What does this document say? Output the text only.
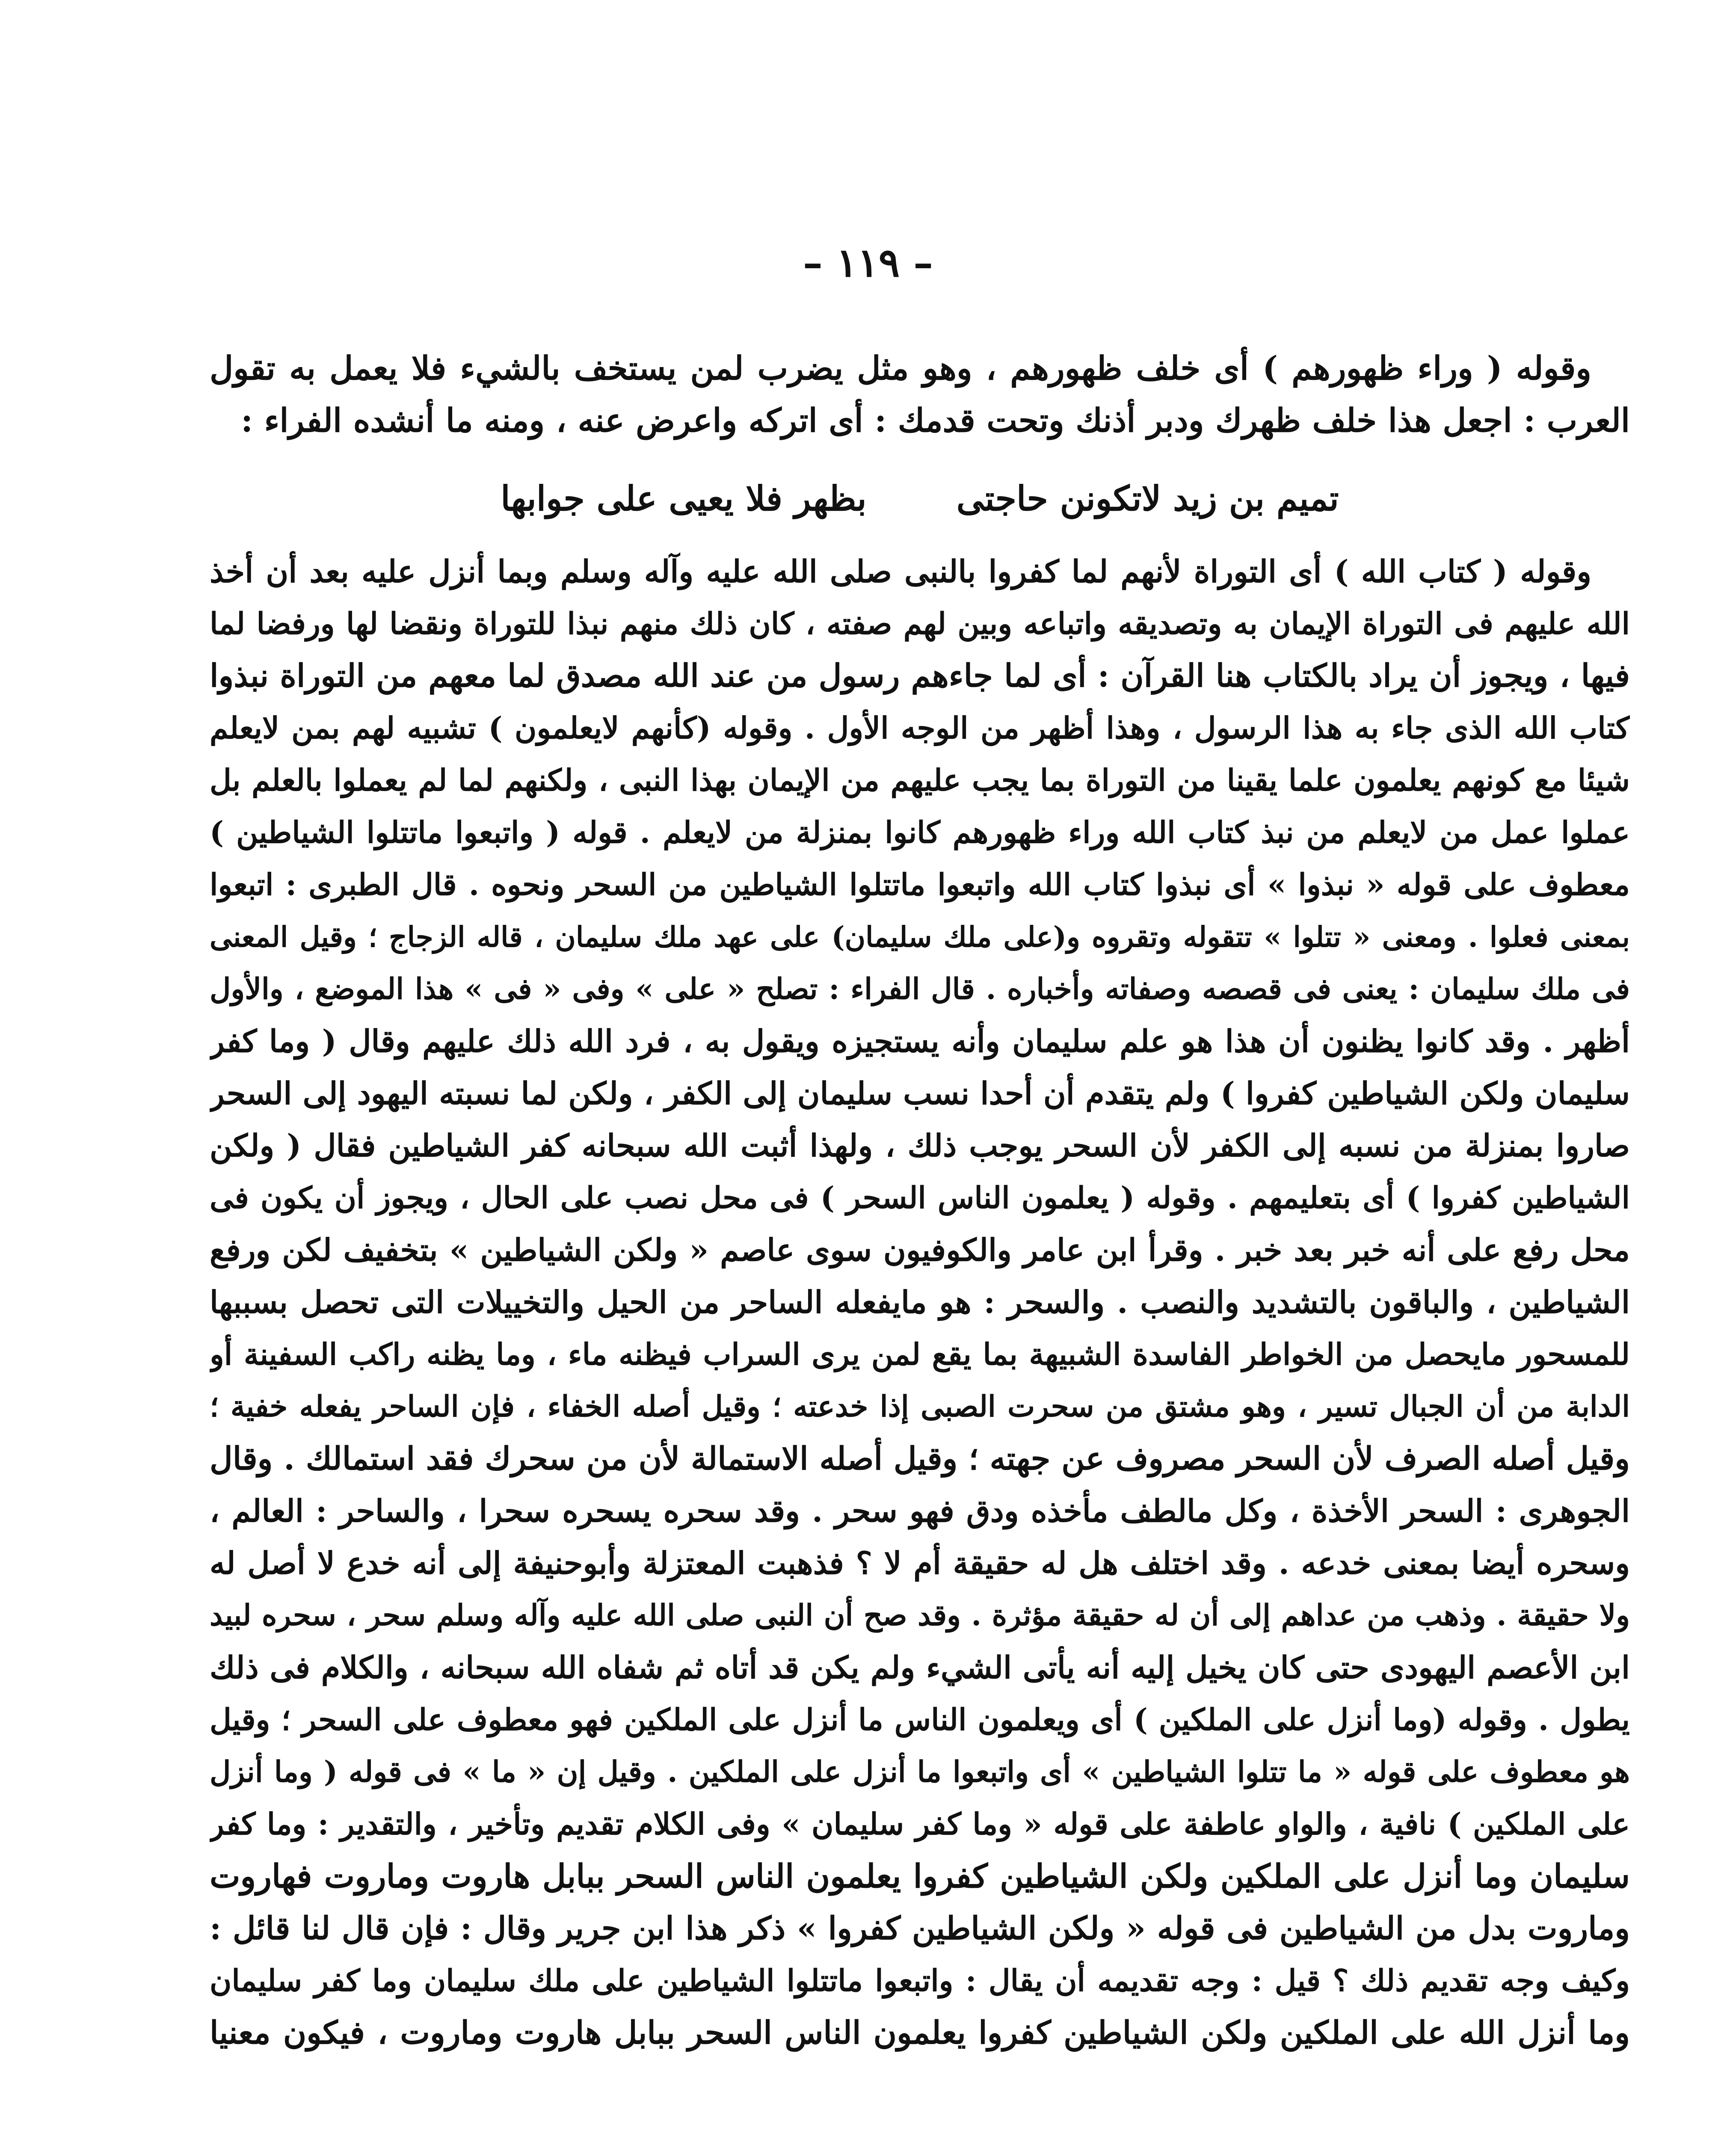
– ١١٩ –
وقوله ( وراء ظهورهم ) أى خلف ظهورهم ، وهو مثل يضرب لمن يستخف بالشيء فلا يعمل به تقول
العرب : اجعل هذا خلف ظهرك ودبر أذنك وتحت قدمك : أى اتركه واعرض عنه ، ومنه ما أنشده الفراء :
تميم بن زيد لاتكونن حاجتى
بظهر فلا يعيى على جوابها
وقوله ( كتاب الله ) أى التوراة لأنهم لما كفروا بالنبى صلى الله عليه وآله وسلم وبما أنزل عليه بعد أن أخذ
الله عليهم فى التوراة الإيمان به وتصديقه واتباعه وبين لهم صفته ، كان ذلك منهم نبذا للتوراة ونقضا لها ورفضا لما
فيها ، ويجوز أن يراد بالكتاب هنا القرآن : أى لما جاءهم رسول من عند الله مصدق لما معهم من التوراة نبذوا
كتاب الله الذى جاء به هذا الرسول ، وهذا أظهر من الوجه الأول . وقوله (كأنهم لايعلمون ) تشبيه لهم بمن لايعلم
شيئا مع كونهم يعلمون علما يقينا من التوراة بما يجب عليهم من الإيمان بهذا النبى ، ولكنهم لما لم يعملوا بالعلم بل
عملوا عمل من لايعلم من نبذ كتاب الله وراء ظهورهم كانوا بمنزلة من لايعلم . قوله ( واتبعوا ماتتلوا الشياطين )
معطوف على قوله « نبذوا » أى نبذوا كتاب الله واتبعوا ماتتلوا الشياطين من السحر ونحوه . قال الطبرى : اتبعوا
بمعنى فعلوا . ومعنى « تتلوا » تتقوله وتقروه و(على ملك سليمان) على عهد ملك سليمان ، قاله الزجاج ؛ وقيل المعنى
فى ملك سليمان : يعنى فى قصصه وصفاته وأخباره . قال الفراء : تصلح « على » وفى « فى » هذا الموضع ، والأول
أظهر . وقد كانوا يظنون أن هذا هو علم سليمان وأنه يستجيزه ويقول به ، فرد الله ذلك عليهم وقال ( وما كفر
سليمان ولكن الشياطين كفروا ) ولم يتقدم أن أحدا نسب سليمان إلى الكفر ، ولكن لما نسبته اليهود إلى السحر
صاروا بمنزلة من نسبه إلى الكفر لأن السحر يوجب ذلك ، ولهذا أثبت الله سبحانه كفر الشياطين فقال ( ولكن
الشياطين كفروا ) أى بتعليمهم . وقوله ( يعلمون الناس السحر ) فى محل نصب على الحال ، ويجوز أن يكون فى
محل رفع على أنه خبر بعد خبر . وقرأ ابن عامر والكوفيون سوى عاصم « ولكن الشياطين » بتخفيف لكن ورفع
الشياطين ، والباقون بالتشديد والنصب . والسحر : هو مايفعله الساحر من الحيل والتخييلات التى تحصل بسببها
للمسحور مايحصل من الخواطر الفاسدة الشبيهة بما يقع لمن يرى السراب فيظنه ماء ، وما يظنه راكب السفينة أو
الدابة من أن الجبال تسير ، وهو مشتق من سحرت الصبى إذا خدعته ؛ وقيل أصله الخفاء ، فإن الساحر يفعله خفية ؛
وقيل أصله الصرف لأن السحر مصروف عن جهته ؛ وقيل أصله الاستمالة لأن من سحرك فقد استمالك . وقال
الجوهرى : السحر الأخذة ، وكل مالطف مأخذه ودق فهو سحر . وقد سحره يسحره سحرا ، والساحر : العالم ،
وسحره أيضا بمعنى خدعه . وقد اختلف هل له حقيقة أم لا ؟ فذهبت المعتزلة وأبوحنيفة إلى أنه خدع لا أصل له
ولا حقيقة . وذهب من عداهم إلى أن له حقيقة مؤثرة . وقد صح أن النبى صلى الله عليه وآله وسلم سحر ، سحره لبيد
ابن الأعصم اليهودى حتى كان يخيل إليه أنه يأتى الشيء ولم يكن قد أتاه ثم شفاه الله سبحانه ، والكلام فى ذلك
يطول . وقوله (وما أنزل على الملكين ) أى ويعلمون الناس ما أنزل على الملكين فهو معطوف على السحر ؛ وقيل
هو معطوف على قوله « ما تتلوا الشياطين » أى واتبعوا ما أنزل على الملكين . وقيل إن « ما » فى قوله ( وما أنزل
على الملكين ) نافية ، والواو عاطفة على قوله « وما كفر سليمان » وفى الكلام تقديم وتأخير ، والتقدير : وما كفر
سليمان وما أنزل على الملكين ولكن الشياطين كفروا يعلمون الناس السحر ببابل هاروت وماروت فهاروت
وماروت بدل من الشياطين فى قوله « ولكن الشياطين كفروا » ذكر هذا ابن جرير وقال : فإن قال لنا قائل :
وكيف وجه تقديم ذلك ؟ قيل : وجه تقديمه أن يقال : واتبعوا ماتتلوا الشياطين على ملك سليمان وما كفر سليمان
وما أنزل الله على الملكين ولكن الشياطين كفروا يعلمون الناس السحر ببابل هاروت وماروت ، فيكون معنيا
